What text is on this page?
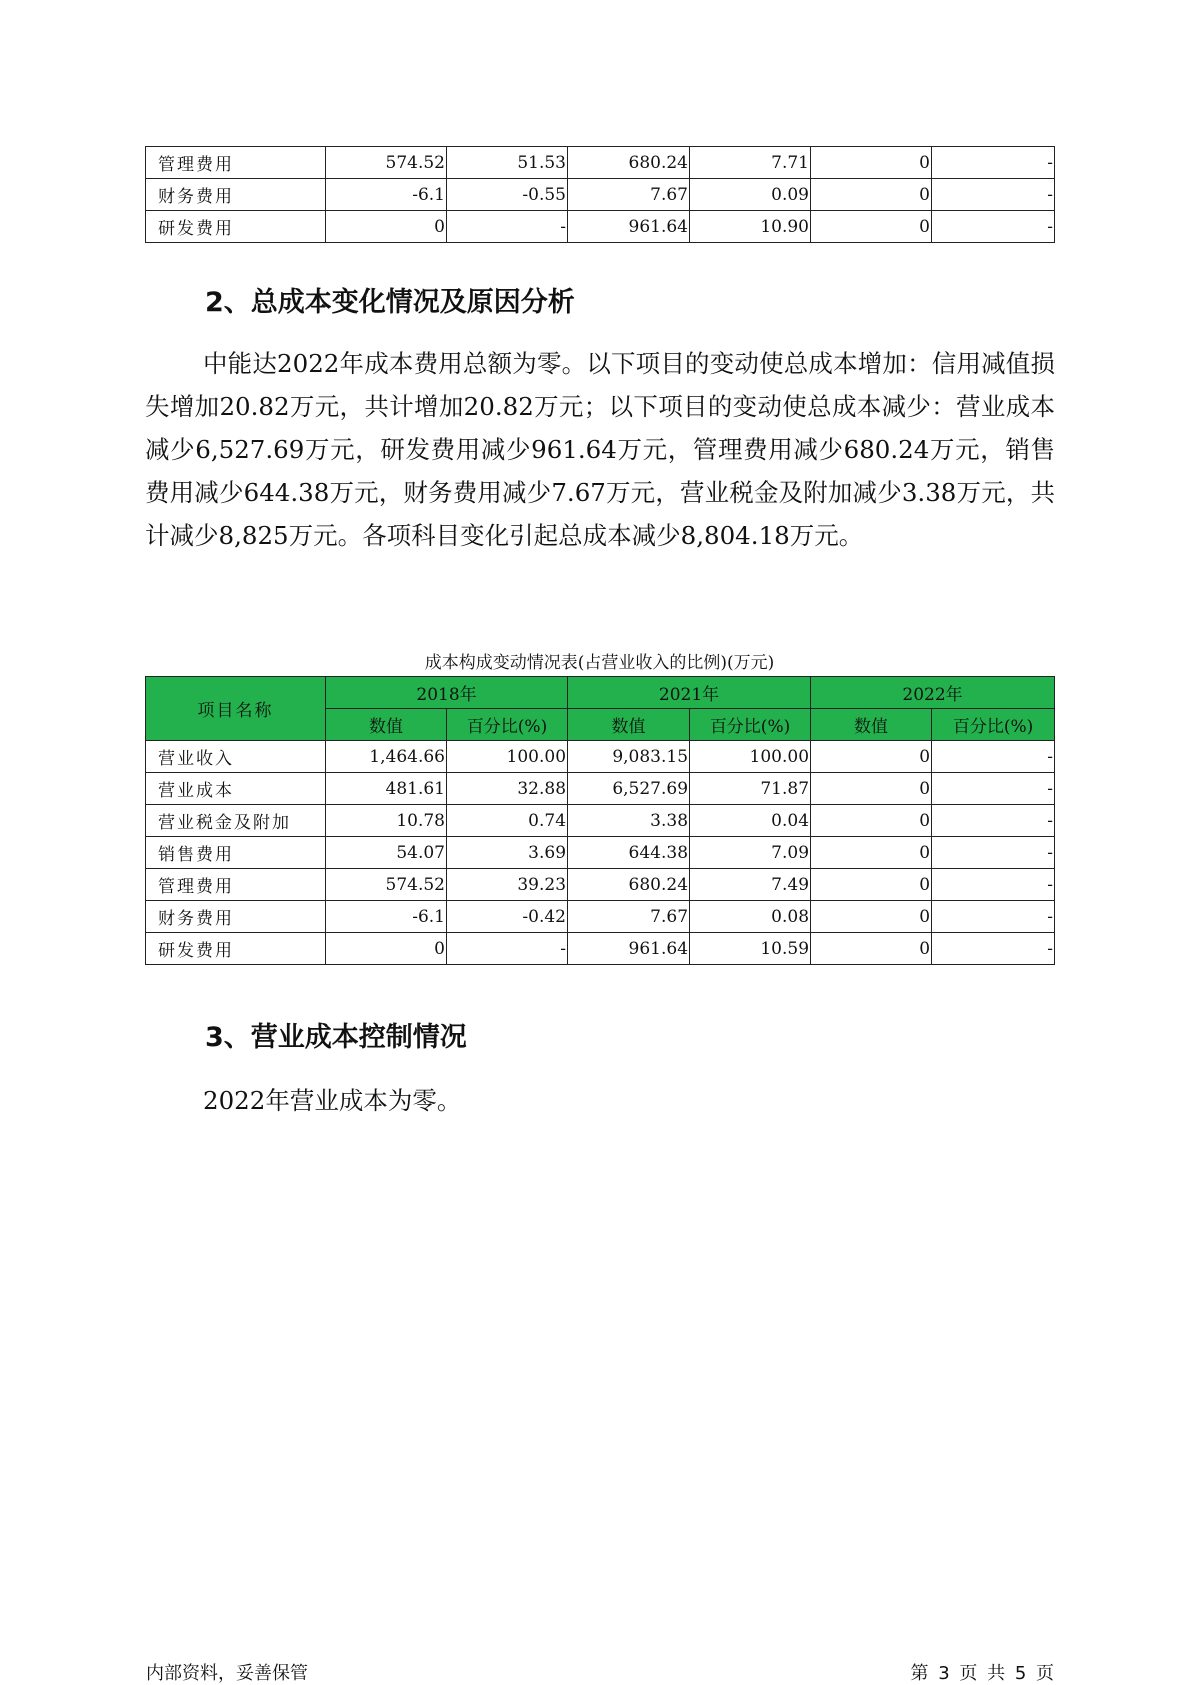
管理费用	574.52	51.53	680.24	7.71	0	-
财务费用	-6.1	-0.55	7.67	0.09	0	-
研发费用	0	-	961.64	10.90	0	-
2、总成本变化情况及原因分析

中能达2022年成本费用总额为零。以下项目的变动使总成本增加：信用减值损失增加20.82万元，共计增加20.82万元；以下项目的变动使总成本减少：营业成本减少6,527.69万元，研发费用减少961.64万元，管理费用减少680.24万元，销售费用减少644.38万元，财务费用减少7.67万元，营业税金及附加减少3.38万元，共计减少8,825万元。各项科目变化引起总成本减少8,804.18万元。

成本构成变动情况表(占营业收入的比例)(万元)

项目名称	2018年		2021年		2022年	
	数值	百分比(%)	数值	百分比(%)	数值	百分比(%)
营业收入	1,464.66	100.00	9,083.15	100.00	0	-
营业成本	481.61	32.88	6,527.69	71.87	0	-
营业税金及附加	10.78	0.74	3.38	0.04	0	-
销售费用	54.07	3.69	644.38	7.09	0	-
管理费用	574.52	39.23	680.24	7.49	0	-
财务费用	-6.1	-0.42	7.67	0.08	0	-
研发费用	0	-	961.64	10.59	0	-
3、营业成本控制情况

2022年营业成本为零。

内部资料，妥善保管	第 3 页 共 5 页
